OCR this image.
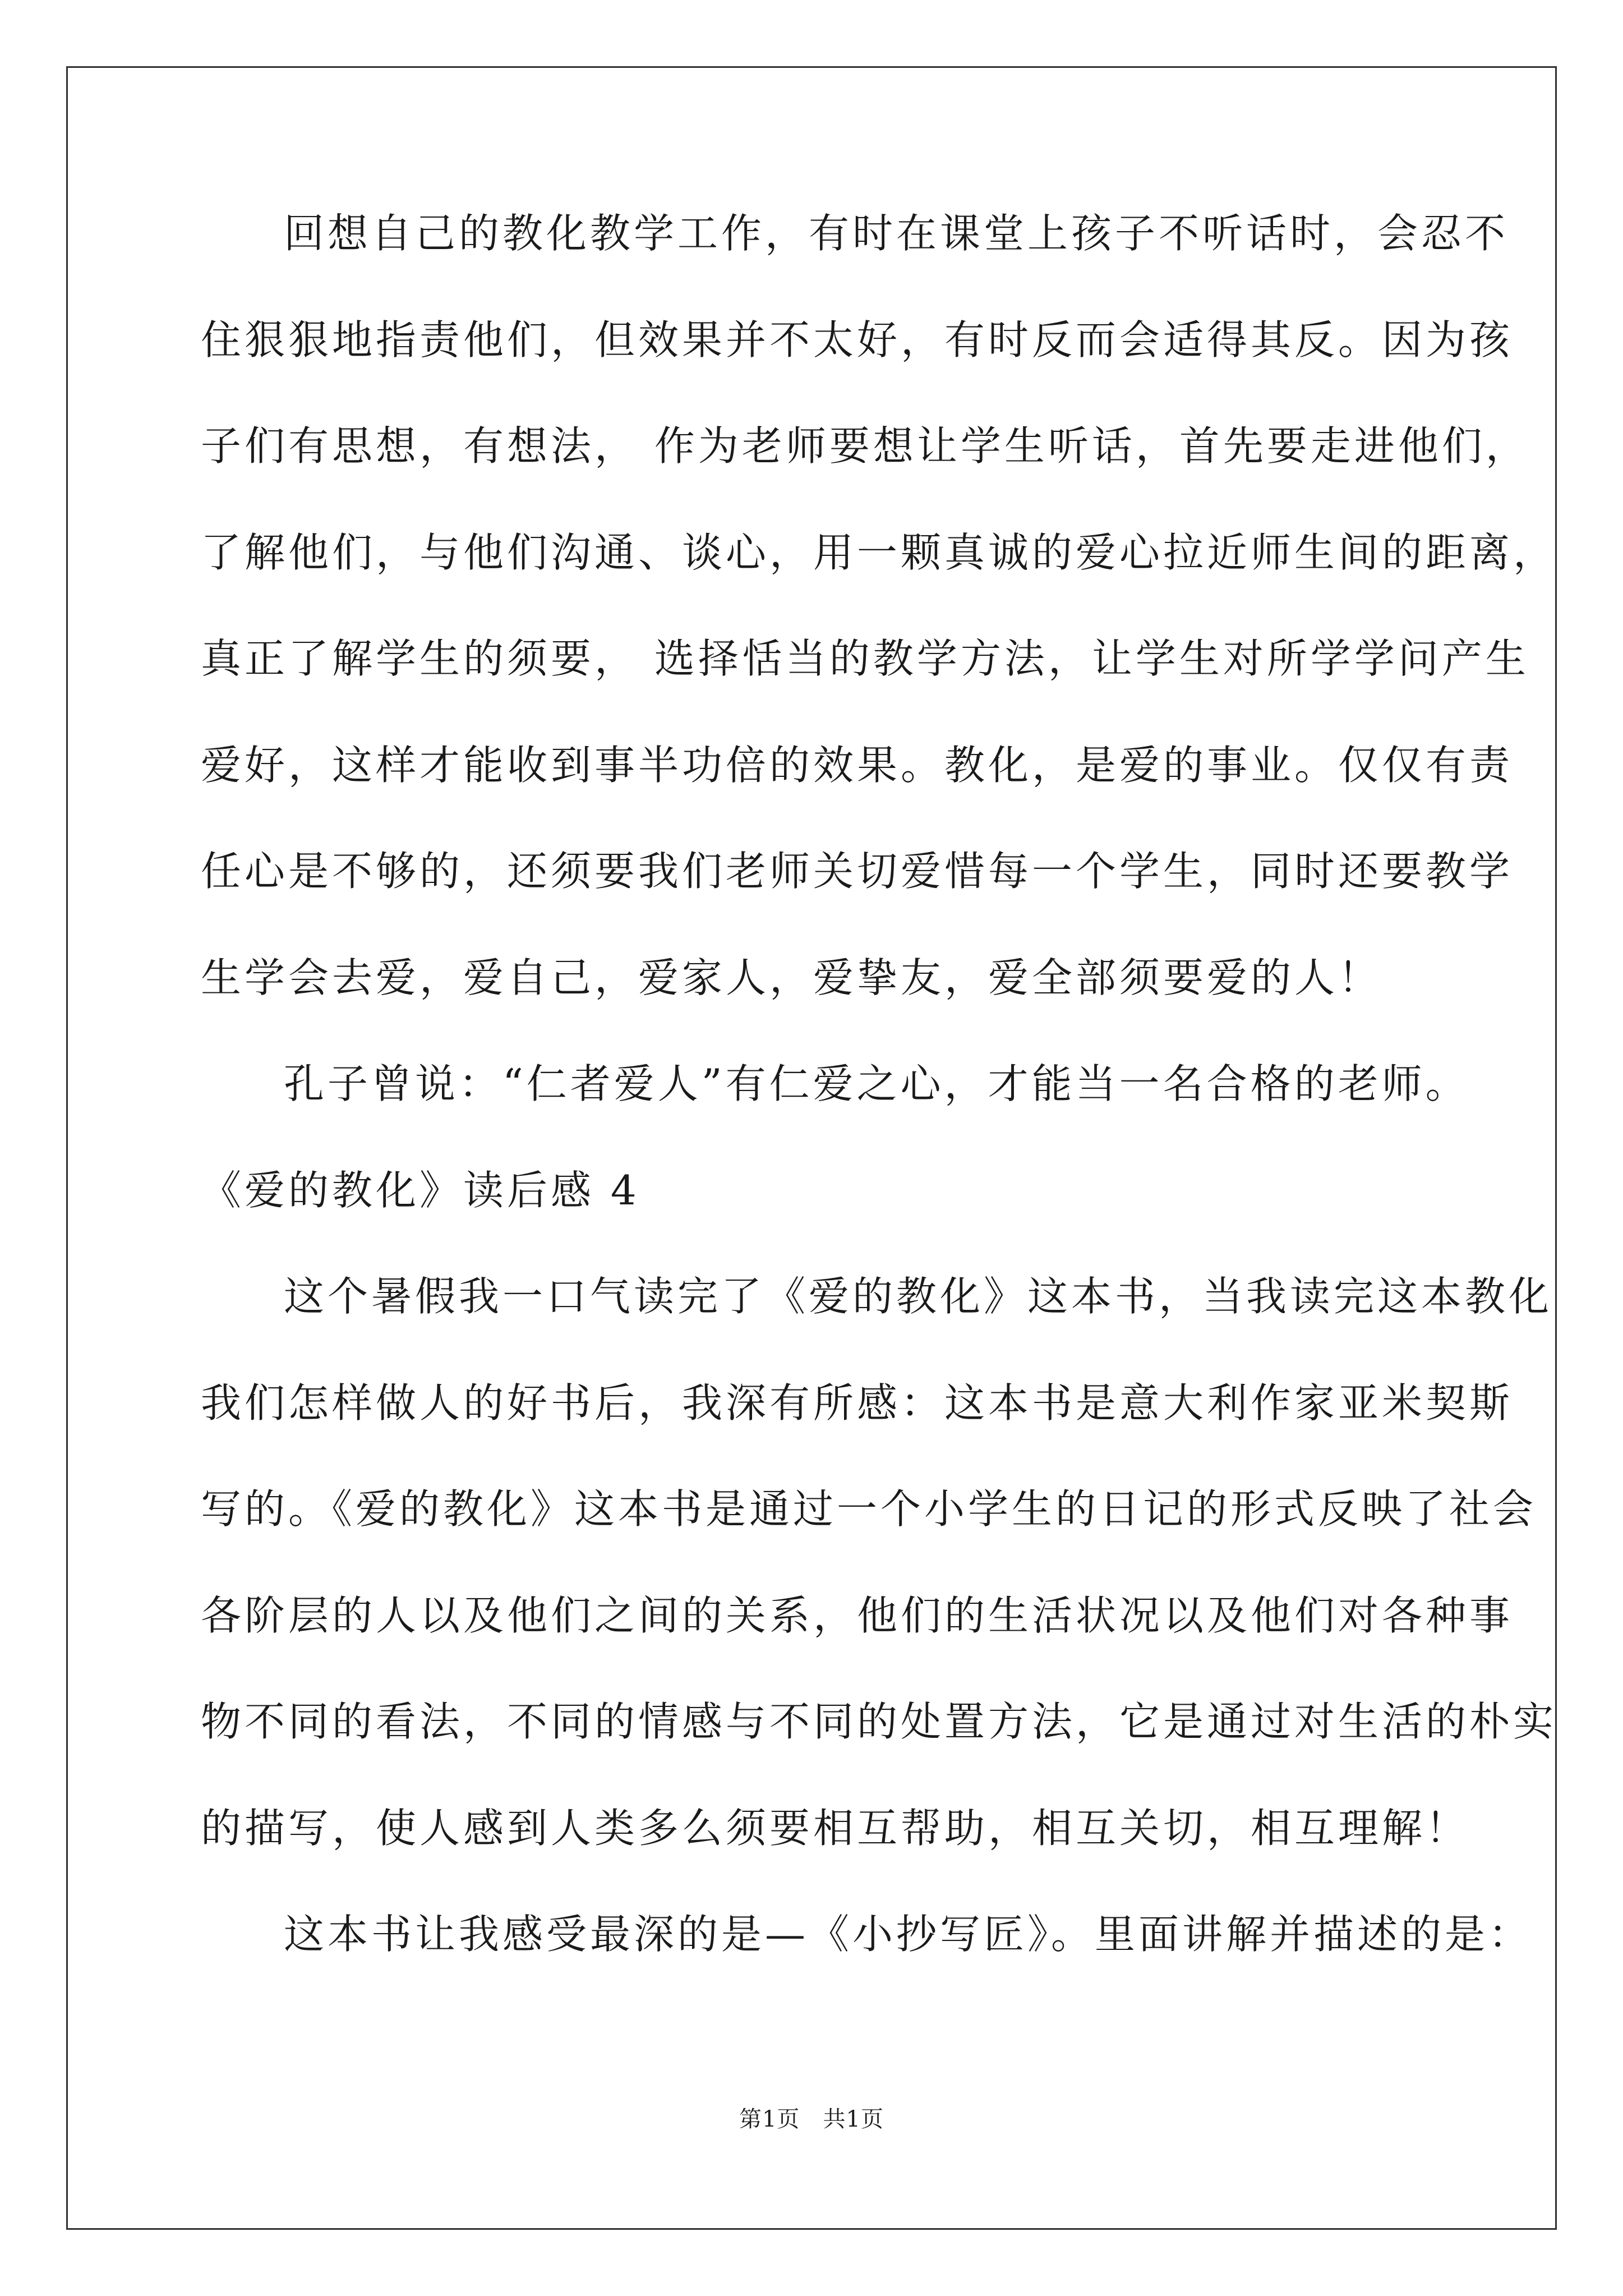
回想自己的教化教学工作，有时在课堂上孩子不听话时，会忍不
住狠狠地指责他们，但效果并不太好，有时反而会适得其反。因为孩
子们有思想，有想法， 作为老师要想让学生听话，首先要走进他们，
了解他们，与他们沟通、谈心，用一颗真诚的爱心拉近师生间的距离，
真正了解学生的须要， 选择恬当的教学方法，让学生对所学学问产生
爱好，这样才能收到事半功倍的效果。教化，是爱的事业。仅仅有责
任心是不够的，还须要我们老师关切爱惜每一个学生，同时还要教学
生学会去爱，爱自己，爱家人，爱挚友，爱全部须要爱的人！
孔子曾说：“仁者爱人”有仁爱之心，才能当一名合格的老师。
《爱的教化》读后感 4
这个暑假我一口气读完了《爱的教化》这本书，当我读完这本教化
我们怎样做人的好书后，我深有所感：这本书是意大利作家亚米契斯
写的。《爱的教化》这本书是通过一个小学生的日记的形式反映了社会
各阶层的人以及他们之间的关系，他们的生活状况以及他们对各种事
物不同的看法，不同的情感与不同的处置方法，它是通过对生活的朴实
的描写，使人感到人类多么须要相互帮助，相互关切，相互理解！
这本书让我感受最深的是—《小抄写匠》。里面讲解并描述的是：
第1页   共1页
